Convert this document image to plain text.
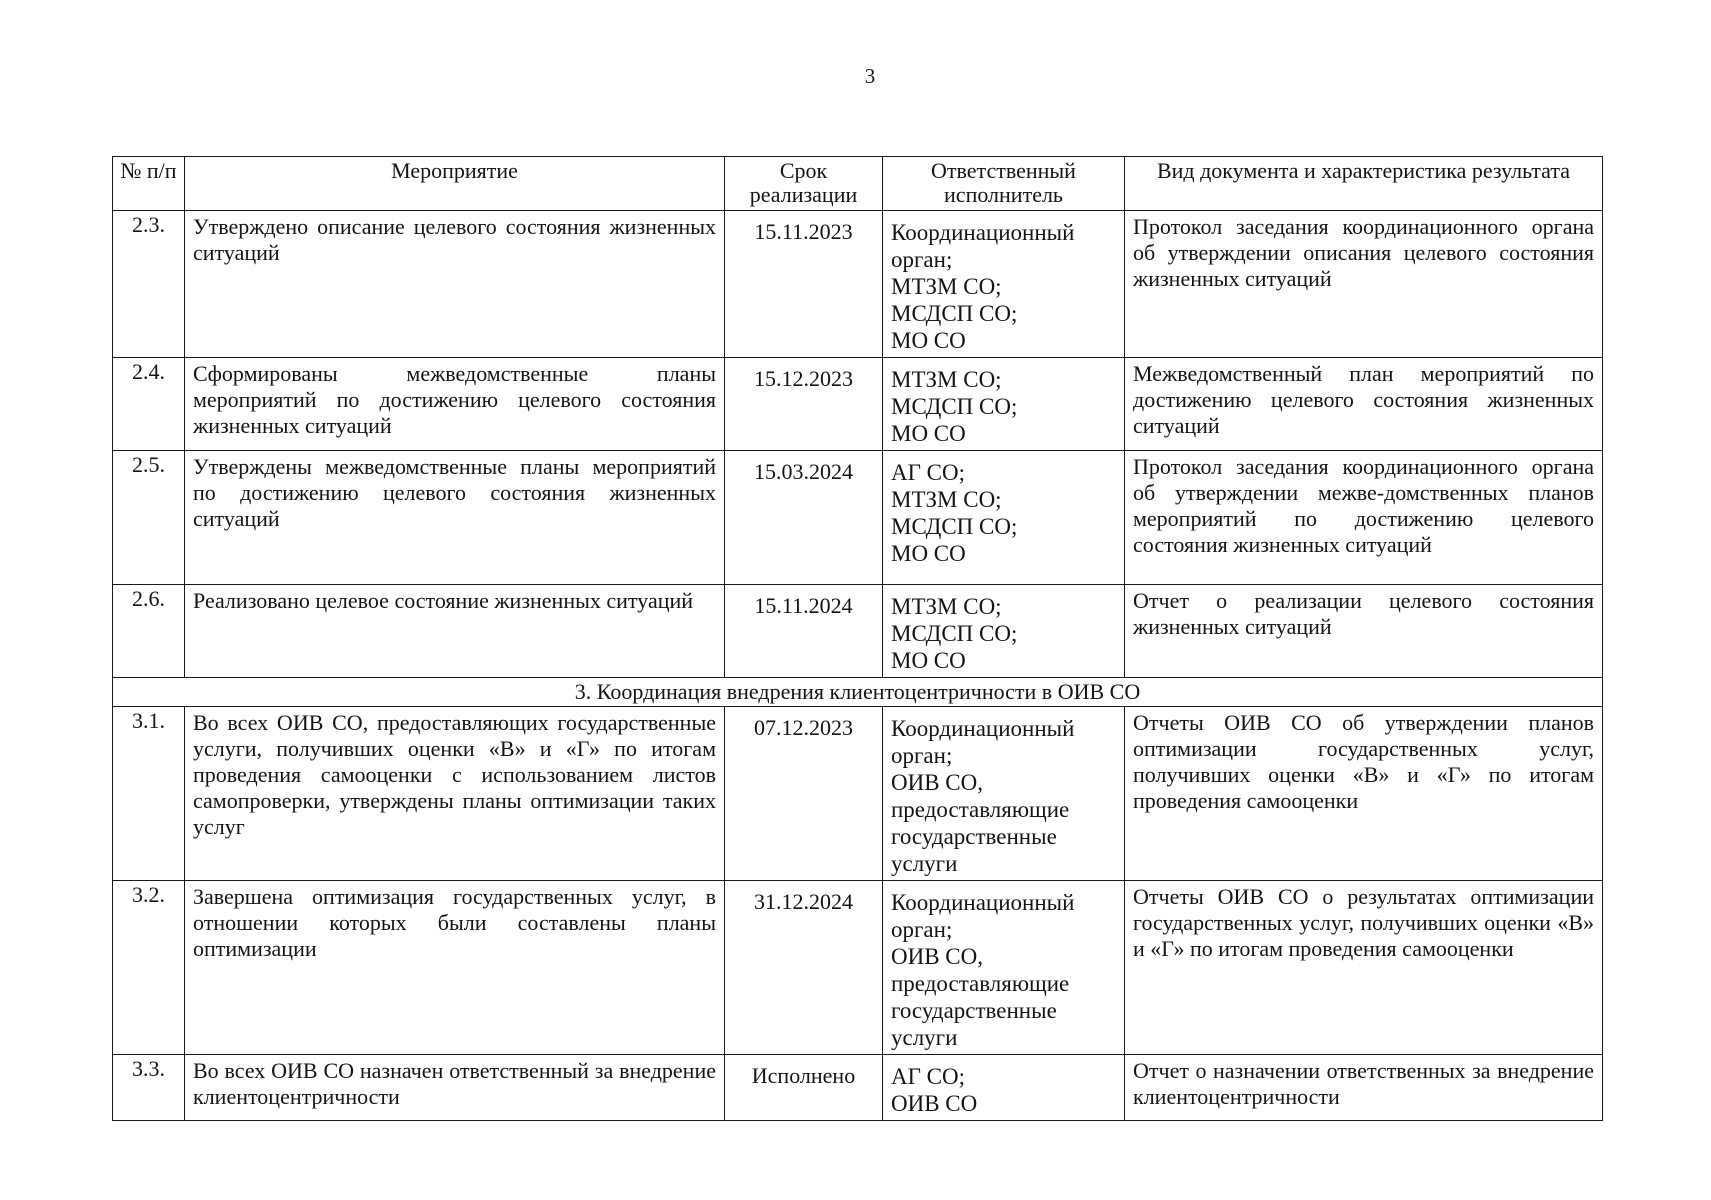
3
№ п/п	Мероприятие	Срок реализации	Ответственный исполнитель	Вид документа и характеристика результата
2.3.	Утверждено описание целевого состояния жизненных ситуаций	15.11.2023	Координационный орган;
МТЗМ СО;
МСДСП СО;
МО СО	Протокол заседания координационного органа об утверждении описания целевого состояния жизненных ситуаций
2.4.	Сформированы межведомственные планы мероприятий по достижению целевого состояния жизненных ситуаций	15.12.2023	МТЗМ СО;
МСДСП СО;
МО СО	Межведомственный план мероприятий по достижению целевого состояния жизненных ситуаций
2.5.	Утверждены межведомственные планы мероприятий по достижению целевого состояния жизненных ситуаций	15.03.2024	АГ СО;
МТЗМ СО;
МСДСП СО;
МО СО	Протокол заседания координационного органа об утверждении межве-домственных планов мероприятий по достижению целевого состояния жизненных ситуаций
2.6.	Реализовано целевое состояние жизненных ситуаций	15.11.2024	МТЗМ СО;
МСДСП СО;
МО СО	Отчет о реализации целевого состояния жизненных ситуаций
3. Координация внедрения клиентоцентричности в ОИВ СО				
3.1.	Во всех ОИВ СО, предоставляющих государственные услуги, получивших оценки «В» и «Г» по итогам проведения самооценки с использованием листов самопроверки, утверждены планы оптимизации таких услуг	07.12.2023	Координационный орган;
ОИВ СО,
предоставляющие государственные услуги	Отчеты ОИВ СО об утверждении планов оптимизации государственных услуг, получивших оценки «В» и «Г» по итогам проведения самооценки
3.2.	Завершена оптимизация государственных услуг, в отношении которых были составлены планы оптимизации	31.12.2024	Координационный орган;
ОИВ СО,
предоставляющие государственные услуги	Отчеты ОИВ СО о результатах оптимизации государственных услуг, получивших оценки «В» и «Г» по итогам проведения самооценки
3.3.	Во всех ОИВ СО назначен ответственный за внедрение клиентоцентричности	Исполнено	АГ СО;
ОИВ СО	Отчет о назначении ответственных за внедрение клиентоцентричности
